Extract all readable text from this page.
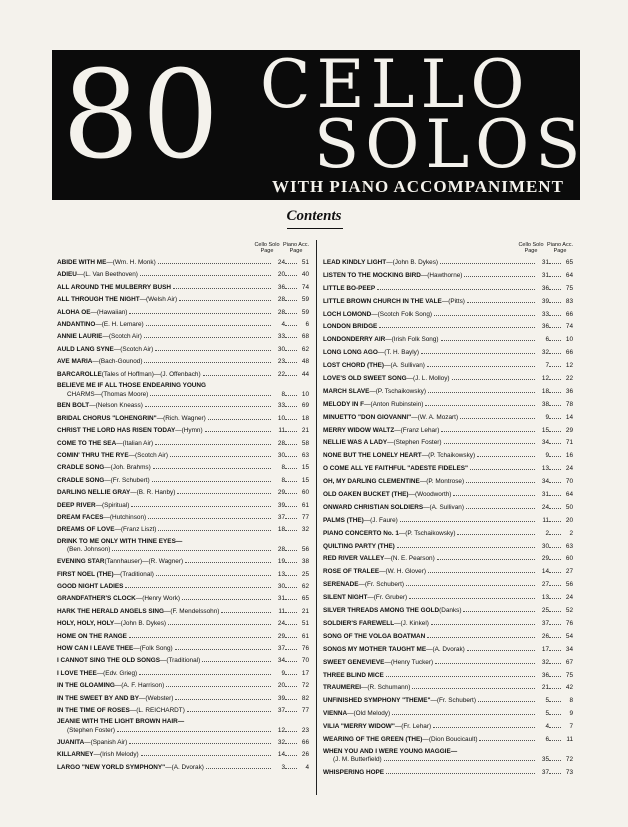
80 CELLO
SOLOS
WITH PIANO ACCOMPANIMENT
Contents
Cello Solo
Page
Piano Acc.
Page
ABIDE WITH ME —(Wm. H. Monk)	24	51
ADIEU —(L. Van Beethoven)	20	40
ALL AROUND THE MULBERRY BUSH	36	74
ALL THROUGH THE NIGHT —(Welsh Air)	28	59
ALOHA OE —(Hawaiian)	28	59
ANDANTINO —(E. H. Lemare)	4	6
ANNIE LAURIE —(Scotch Air)	33	68
AULD LANG SYNE —(Scotch Air)	30	62
AVE MARIA —(Bach-Gounod)	23	48
BARCAROLLE (Tales of Hoffman)—(J. Offenbach)	22	44
BELIEVE ME IF ALL THOSE ENDEARING YOUNG
CHARMS—(Thomas Moore)	8	10
BEN BOLT —(Nelson Kneass)	33	69
BRIDAL CHORUS "LOHENGRIN" —(Rich. Wagner)	10	18
CHRIST THE LORD HAS RISEN TODAY —(Hymn)	11	21
COME TO THE SEA —(Italian Air)	28	58
COMIN' THRU THE RYE —(Scotch Air)	30	63
CRADLE SONG —(Joh. Brahms)	8	15
CRADLE SONG —(Fr. Schubert)	8	15
DARLING NELLIE GRAY —(B. R. Hanby)	29	60
DEEP RIVER —(Spiritual)	39	61
DREAM FACES —(Hutchinson)	37	77
DREAMS OF LOVE —(Franz Liszt)	18	32
DRINK TO ME ONLY WITH THINE EYES—
(Ben. Johnson)	28	56
EVENING STAR (Tannhauser)—(R. Wagner)	19	38
FIRST NOEL (THE) —(Traditional)	13	25
GOOD NIGHT LADIES	30	62
GRANDFATHER'S CLOCK —(Henry Work)	31	65
HARK THE HERALD ANGELS SING —(F. Mendelssohn)	11	21
HOLY, HOLY, HOLY —(John B. Dykes)	24	51
HOME ON THE RANGE	29	61
HOW CAN I LEAVE THEE —(Folk Song)	37	76
I CANNOT SING THE OLD SONGS —(Traditional)	34	70
I LOVE THEE —(Edv. Grieg)	9	17
IN THE GLOAMING —(A. F. Harrison)	20	72
IN THE SWEET BY AND BY —(Webster)	39	82
IN THE TIME OF ROSES —(L. REICHARDT)	37	77
JEANIE WITH THE LIGHT BROWN HAIR—
(Stephen Foster)	12	23
JUANITA —(Spanish Air)	32	66
KILLARNEY —(Irish Melody)	14	26
LARGO "NEW YORLD SYMPHONY" —(A. Dvorak)	3	4
Cello Solo
Page
Piano Acc.
Page
LEAD KINDLY LIGHT —(John B. Dykes)	31	65
LISTEN TO THE MOCKING BIRD —(Hawthorne)	31	64
LITTLE BO-PEEP	36	75
LITTLE BROWN CHURCH IN THE VALE —(Pitts)	39	83
LOCH LOMOND —(Scotch Folk Song)	33	66
LONDON BRIDGE	36	74
LONDONDERRY AIR —(Irish Folk Song)	6	10
LONG LONG AGO —(T. H. Bayly)	32	66
LOST CHORD (THE) —(A. Sullivan)	7	12
LOVE'S OLD SWEET SONG —(J. L. Molloy)	12	22
MARCH SLAVE —(P. Tschaikowsky)	18	36
MELODY IN F —(Anton Rubinstein)	38	78
MINUETTO "DON GIOVANNI" —(W. A. Mozart)	9	14
MERRY WIDOW WALTZ —(Franz Lehar)	15	29
NELLIE WAS A LADY —(Stephen Foster)	34	71
NONE BUT THE LONELY HEART —(P. Tchaikowsky)	9	16
O COME ALL YE FAITHFUL "ADESTE FIDELES"	13	24
OH, MY DARLING CLEMENTINE —(P. Montrose)	34	70
OLD OAKEN BUCKET (THE) —(Woodworth)	31	64
ONWARD CHRISTIAN SOLDIERS —(A. Sullivan)	24	50
PALMS (THE) —(J. Faure)	11	20
PIANO CONCERTO No. 1 —(P. Tschaikowsky)	2	2
QUILTING PARTY (THE)	30	63
RED RIVER VALLEY —(N. E. Pearson)	29	60
ROSE OF TRALEE —(W. H. Glover)	14	27
SERENADE —(Fr. Schubert)	27	56
SILENT NIGHT —(Fr. Gruber)	13	24
SILVER THREADS AMONG THE GOLD (Danks)	25	52
SOLDIER'S FAREWELL —(J. Kinkel)	37	76
SONG OF THE VOLGA BOATMAN	26	54
SONGS MY MOTHER TAUGHT ME —(A. Dvorak)	17	34
SWEET GENEVIEVE —(Henry Tucker)	32	67
THREE BLIND MICE	36	75
TRAUMEREI —(R. Schumann)	21	42
UNFINISHED SYMPHONY "THEME" —(Fr. Schubert)	5	8
VIENNA —(Old Melody)	5	9
VILIA "MERRY WIDOW" —(Fr. Lehar)	4	7
WEARING OF THE GREEN (THE) —(Dion Boucicault)	6	11
WHEN YOU AND I WERE YOUNG MAGGIE—
(J. M. Butterfield)	35	72
WHISPERING HOPE	37	73
